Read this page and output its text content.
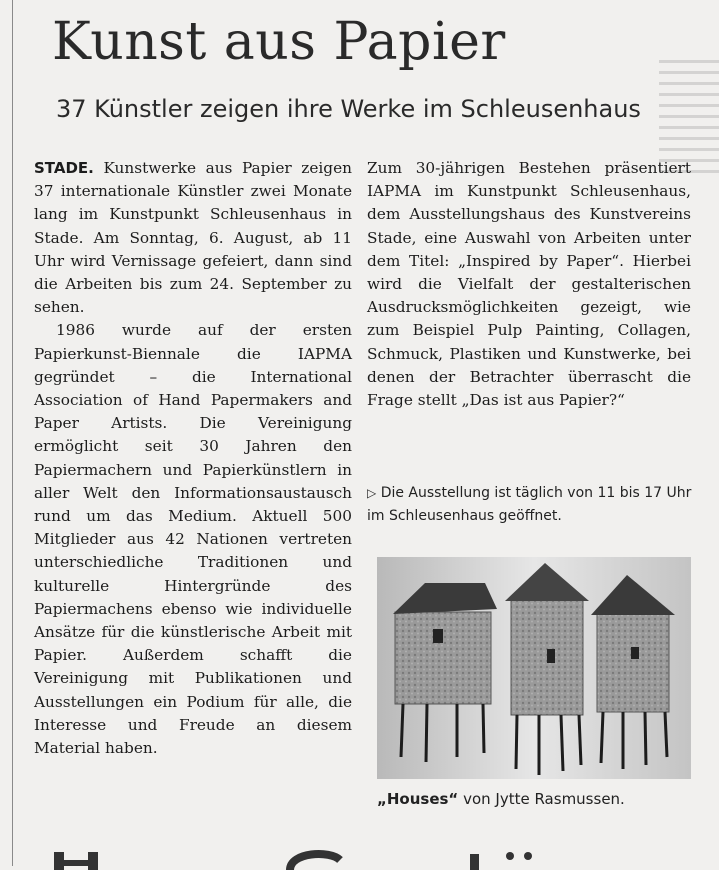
Kunst aus Papier
37 Künstler zeigen ihre Werke im Schleusenhaus

STADE. Kunstwerke aus Papier zeigen 37 internationale Künstler zwei Monate lang im Kunstpunkt Schleusenhaus in Stade. Am Sonntag, 6. August, ab 11 Uhr wird Vernissage gefeiert, dann sind die Arbeiten bis zum 24. September zu sehen.

1986 wurde auf der ersten Papierkunst-Biennale die IAPMA gegründet – die International Association of Hand Papermakers and Paper Artists. Die Vereinigung ermöglicht seit 30 Jahren den Papiermachern und Papierkünstlern in aller Welt den Informationsaustausch rund um das Medium. Aktuell 500 Mitglieder aus 42 Nationen vertreten unterschiedliche Traditionen und kulturelle Hintergründe des Papiermachens ebenso wie individuelle Ansätze für die künstlerische Arbeit mit Papier. Außerdem schafft die Vereinigung mit Publikationen und Ausstellungen ein Podium für alle, die Interesse und Freude an diesem Material haben.

Zum 30-jährigen Bestehen präsentiert IAPMA im Kunstpunkt Schleusenhaus, dem Ausstellungshaus des Kunstvereins Stade, eine Auswahl von Arbeiten unter dem Titel: „Inspired by Paper“. Hierbei wird die Vielfalt der gestalterischen Ausdrucksmöglichkeiten gezeigt, wie zum Beispiel Pulp Painting, Collagen, Schmuck, Plastiken und Kunstwerke, bei denen der Betrachter überrascht die Frage stellt „Das ist aus Papier?“

▷ Die Ausstellung ist täglich von 11 bis 17 Uhr im Schleusenhaus geöffnet.
„Houses“ von Jytte Rasmussen.
